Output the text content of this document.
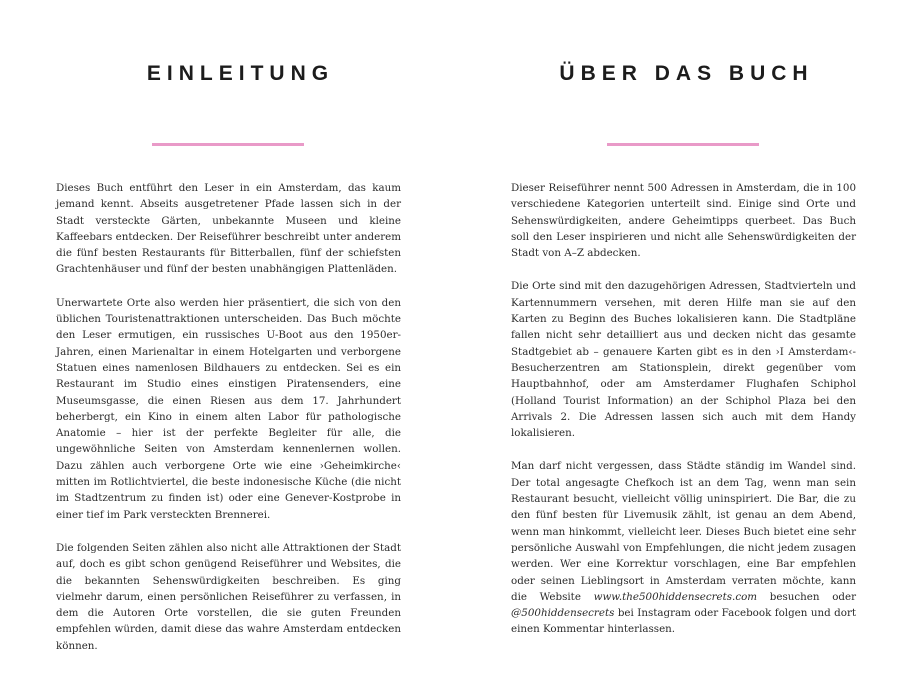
EINLEITUNG

Dieses Buch entführt den Leser in ein Amsterdam, das kaum jemand kennt. Abseits ausgetretener Pfade lassen sich in der Stadt versteckte Gärten, unbekannte Museen und kleine Kaffeebars entdecken. Der Reiseführer beschreibt unter anderem die fünf besten Restaurants für Bitterballen, fünf der schiefsten Grachtenhäuser und fünf der besten unabhängigen Plattenläden.

Unerwartete Orte also werden hier präsentiert, die sich von den üblichen Touristenattraktionen unterscheiden. Das Buch möchte den Leser ermutigen, ein russisches U-Boot aus den 1950er-Jahren, einen Marienaltar in einem Hotelgarten und verborgene Statuen eines namenlosen Bildhauers zu entdecken. Sei es ein Restaurant im Studio eines einstigen Piratensenders, eine Museumsgasse, die einen Riesen aus dem 17. Jahrhundert beherbergt, ein Kino in einem alten Labor für pathologische Anatomie – hier ist der perfekte Begleiter für alle, die ungewöhnliche Seiten von Amsterdam kennenlernen wollen. Dazu zählen auch verborgene Orte wie eine ›Geheimkirche‹ mitten im Rotlichtviertel, die beste indonesische Küche (die nicht im Stadtzentrum zu finden ist) oder eine Genever-Kostprobe in einer tief im Park versteckten Brennerei.

Die folgenden Seiten zählen also nicht alle Attraktionen der Stadt auf, doch es gibt schon genügend Reiseführer und Websites, die die bekannten Sehenswürdigkeiten beschreiben. Es ging vielmehr darum, einen persönlichen Reiseführer zu verfassen, in dem die Autoren Orte vorstellen, die sie guten Freunden empfehlen würden, damit diese das wahre Amsterdam entdecken können.

ÜBER DAS BUCH

Dieser Reiseführer nennt 500 Adressen in Amsterdam, die in 100 verschiedene Kategorien unterteilt sind. Einige sind Orte und Sehenswürdigkeiten, andere Geheimtipps querbeet. Das Buch soll den Leser inspirieren und nicht alle Sehenswürdigkeiten der Stadt von A–Z abdecken.

Die Orte sind mit den dazugehörigen Adressen, Stadtvierteln und Kartennummern versehen, mit deren Hilfe man sie auf den Karten zu Beginn des Buches lokalisieren kann. Die Stadtpläne fallen nicht sehr detailliert aus und decken nicht das gesamte Stadtgebiet ab – genauere Karten gibt es in den ›I Amsterdam‹-Besucherzentren am Stationsplein, direkt gegenüber vom Hauptbahnhof, oder am Amsterdamer Flughafen Schiphol (Holland Tourist Information) an der Schiphol Plaza bei den Arrivals 2. Die Adressen lassen sich auch mit dem Handy lokalisieren.

Man darf nicht vergessen, dass Städte ständig im Wandel sind. Der total angesagte Chefkoch ist an dem Tag, wenn man sein Restaurant besucht, vielleicht völlig uninspiriert. Die Bar, die zu den fünf besten für Livemusik zählt, ist genau an dem Abend, wenn man hinkommt, vielleicht leer. Dieses Buch bietet eine sehr persönliche Auswahl von Empfehlungen, die nicht jedem zusagen werden. Wer eine Korrektur vorschlagen, eine Bar empfehlen oder seinen Lieblingsort in Amsterdam verraten möchte, kann die Website www.the500hiddensecrets.com besuchen oder @500hiddensecrets bei Instagram oder Facebook folgen und dort einen Kommentar hinterlassen.
